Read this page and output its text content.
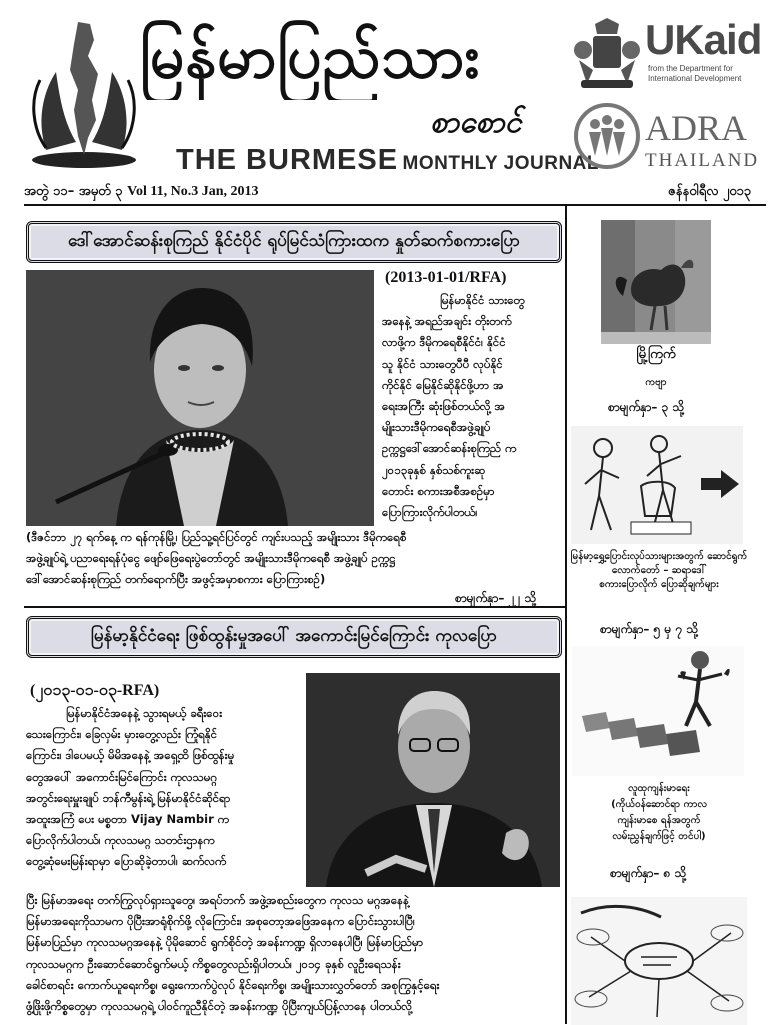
မြန်မာပြည်သား
စာစောင်
THE BURMESE MONTHLY JOURNAL
UKaid
from the Department for International Development
ADRA
THAILAND
အတွဲ ၁၁– အမှတ် ၃ Vol 11, No.3 Jan, 2013	ဇန်နဝါရီလ ၂၀၁၃
ဒေါ်အောင်ဆန်းစုကြည် နိုင်ငံပိုင် ရုပ်မြင်သံကြားထက နှုတ်ဆက်စကားပြော
(2013-01-01/RFA)
မြန်မာနိုင်ငံ သားတွေ
အနေနဲ့ အရည်အချင်း တိုးတက်
လာဖို့က ဒီမိုကရေစီနိုင်ငံ၊ နိုင်ငံ
သူ နိုင်ငံ သားတွေပီပီ လုပ်နိုင်
ကိုင်နိုင် မြေနိုင်ဆိုနိုင်ဖို့ဟာ အ
ရေးအကြီး ဆုံးဖြစ်တယ်လို့ အ
မျိုးသားဒီမိုကရေစီအဖွဲ့ချုပ်
ဥက္ကဋ္ဌဒေါ်အောင်ဆန်းစုကြည် က
၂၀၁၃ခုနှစ် နှစ်သစ်ကူးဆု
တောင်း စကားအစီအစဉ်မှာ
ပြောကြားလိုက်ပါတယ်၊
(ဒီဇင်ဘာ ၂၇ ရက်နေ့ က ရန်ကုန်မြို့၊ ပြည်သူ့ရင်ပြင်တွင် ကျင်းပသည့် အမျိုးသား ဒီမိုကရေစီ
အဖွဲ့ချုပ်ရဲ့ ပညာရေးရန်ပုံငွေ ဖျော်ဖြေရေးပွဲတော်တွင် အမျိုးသားဒီမိုကရေစီ အဖွဲ့ချုပ် ဥက္ကဋ္ဌ
ဒေါ်အောင်ဆန်းစုကြည် တက်ရောက်ပြီး အဖွင့်အမှာစကား ပြောကြားစဉ်)
စာမျက်နှာ– ၂၂ သို့
မြန်မာ့နိုင်ငံရေး ဖြစ်ထွန်းမှုအပေါ် အကောင်းမြင်ကြောင်း ကုလပြော
(၂၀၁၃-၀၁-၀၃-RFA)
မြန်မာနိုင်ငံအနေနဲ့ သွားရမယ့် ခရီး၀ေး
သေးကြောင်း၊ ခြေလှမ်း မှားတွေ့လည်း ကြုံရနိုင်
ကြောင်း၊ ဒါပေမယ့် မိမိအနေနဲ့ အရှေ့ထိ ဖြစ်ထွန်းမှု
တွေအပေါ် အကောင်းမြင်ကြောင်း ကုလသမဂ္ဂ
အတွင်းရေးမှူးချုပ် ဘန်ကီမွန်းရဲ့ မြန်မာနိုင်ငံဆိုင်ရာ
အထူးအကြံ ပေး မစ္စတာ Vijay Nambir က
ပြောလိုက်ပါတယ်၊ ကုလသမဂ္ဂ သတင်းဌာနက
တွေ့ဆုံမေးမြန်းရာမှာ ပြောဆိုခဲ့တာပါ၊ ဆက်လက်
ပြီး မြန်မာအရေး တက်ကြွလုပ်ရှားသူတွေ၊ အရပ်ဘက် အဖွဲ့အစည်းတွေက ကုလသ မဂ္ဂအနေနဲ့
မြန်မာအရေးကိုသာမက ပိုပြီးအာရုံစိုက်ဖို့ လိုကြောင်း၊ အစုတော့အဖြေအနေက ပြောင်းသွားပါပြီ၊
မြန်မာပြည်မှာ ကုလသမဂ္ဂအနေနဲ့ ပိုမိုဆောင် ရွက်စိုင်တဲ့ အခန်းကဏ္ဍ ရှိလာနေပါပြီ၊ မြန်မာပြည်မှာ
ကုလသမဂ္ဂက ဦးဆောင်ဆောင်ရွက်မယ့် ကိစ္စတွေလည်းရှိပါတယ်၊ ၂၀၁၄ ခုနှစ် လူဦးရေသန်း
ခေါင်စာရင်း ကောက်ယူရေးကိစ္စ၊ ရွေးကောက်ပွဲလုပ် နိုင်ရေးကိစ္စ၊ အမျိုးသားလွှတ်တော် အစုကြွနှင့်ရေး
ဖွံ့ဖြိုးဖို့ကိစ္စတွေမှာ ကုလသမဂ္ဂရဲ့ ပါဝင်ကူညီနိုင်တဲ့ အခန်းကဏ္ဍ ပိုပြီးကျယ်ပြန့်လာနေ ပါတယ်လို့
မြို့ကြက်
ကဗျာ
စာမျက်နှာ– ၃ သို့
မြန်မာ့ရွှေ့ပြောင်းလုပ်သားများအတွက် ဆောင်ရွက်
လောက်တော် – ဆရာဒေါ်
စကားပြောလိုက် ပြောဆိုချက်များ
စာမျက်နှာ– ၅ မှ ၇ သို့
လူထုကျန်းမာရေး
(ကိုယ်ဝန်ဆောင်ရာ ကာလ
ကျန်းမာစေ ရန်အတွက်
လမ်းညွှန်ချက်ဖြင့် တင်ပါ)
စာမျက်နှာ– ၈ သို့
